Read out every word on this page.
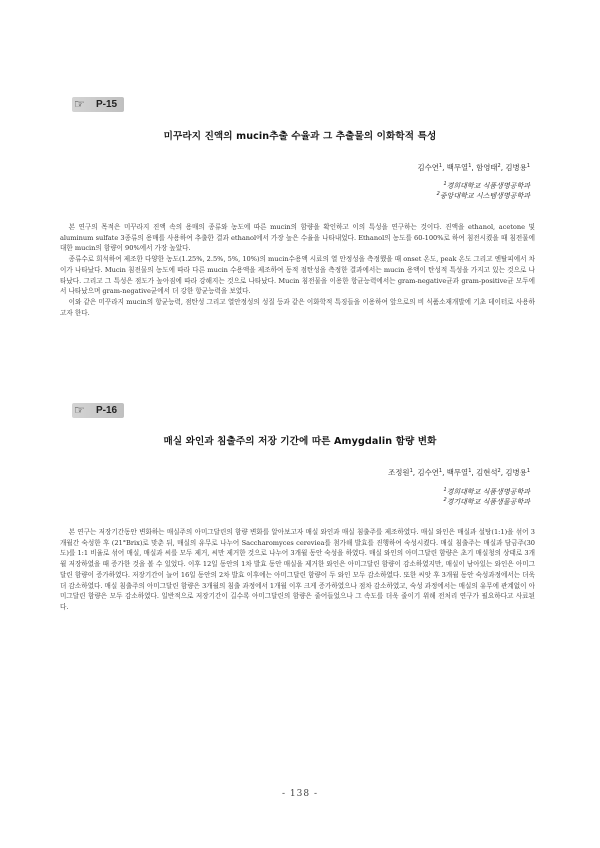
☞ P-15
미꾸라지 진액의 mucin추출 수율과 그 추출물의 이화학적 특성
김수연$^1$, 백무열$^1$, 함영태$^2$, 김병용$^1$
$^1$경희대학교 식품생명공학과
$^2$중앙대학교 시스템생명공학과

본 연구의 목적은 미꾸라지 진액 속의 용매의 종류와 농도에 따른 mucin의 함량을 확인하고 이의 특성을 연구하는 것이다. 진액을 ethanol, acetone 및 aluminum sulfate 3종류의 용매를 사용하여 추출한 결과 ethanol에서 가장 높은 수율을 나타내었다. Ethanol의 농도를 60-100%로 하여 침전시켰을 때 침전물에 대한 mucin의 함량이 90%에서 가장 높았다.

종류수로 희석하여 제조한 다양한 농도(1.25%, 2.5%, 5%, 10%)의 mucin수용액 시료의 열 안정성을 측정했을 때 onset 온도, peak 온도 그리고 엔탈피에서 차이가 나타났다. Mucin 침전물의 농도에 따라 다른 mucin 수용액을 제조하여 동적 점탄성을 측정한 결과에서는 mucin 용액이 탄성적 특성을 가지고 있는 것으로 나타났다. 그리고 그 특성은 점도가 높아짐에 따라 강해지는 것으로 나타났다. Mucin 침전물을 이용한 항균능력에서는 gram-negative균과 gram-positive균 모두에서 나타났으며 gram-negative균에서 더 강한 항균능력을 보였다.

이와 같은 미꾸라지 mucin의 항균능력, 점탄성 그리고 열안정성의 성질 등과 같은 이화학적 특징들을 이용하여 앞으로의 비 식품소재개발에 기초 데이터로 사용하고자 한다.

☞ P-16
매실 와인과 침출주의 저장 기간에 따른 Amygdalin 함량 변화
조정원$^1$, 김수연$^1$, 백무열$^1$, 김현석$^2$, 김병용$^1$
$^1$경희대학교 식품생명공학과
$^2$경기대학교 식품생물공학과

본 연구는 저장기간동안 변화하는 매실주의 아미그달린의 함량 변화를 알아보고자 매실 와인과 매실 침출주를 제조하였다. 매실 와인은 매실과 설탕(1:1)을 섞어 3개월간 숙성한 후 (21°Brix)로 맞춘 뒤, 매실의 유무로 나누어 Saccharomyces cereviea를 첨가해 발효를 진행하여 숙성시켰다. 매실 침출주는 매실과 담금주(30도)를 1:1 비율로 섞어 매실, 매실과 씨를 모두 제거, 씨만 제거한 것으로 나누어 3개월 동안 숙성을 하였다. 매실 와인의 아미그달린 함량은 초기 매실청의 상태로 3개월 저장하였을 때 증가한 것을 볼 수 있었다. 이후 12일 동안의 1차 발효 동안 매실을 제거한 와인은 아미그달린 함량이 감소하였지만, 매실이 남아있는 와인은 아미그달린 함량이 증가하였다. 저장기간이 늘어 16일 동안의 2차 발효 이후에는 아미그달린 함량이 두 와인 모두 감소하였다. 또한 씨앗 후 3개월 동안 숙성과정에서는 더욱더 감소하였다. 매실 침출주의 아미그달린 함량은 3개월의 침출 과정에서 1개월 이후 크게 증가하였으나 점차 감소하였고, 숙성 과정에서는 매실의 유무에 관계없이 아미그달린 함량은 모두 감소하였다. 일반적으로 저장기간이 길수록 아미그달린의 함량은 줄어들었으나 그 속도를 더욱 줄이기 위해 전처리 연구가 필요하다고 사료된다.

- 138 -
